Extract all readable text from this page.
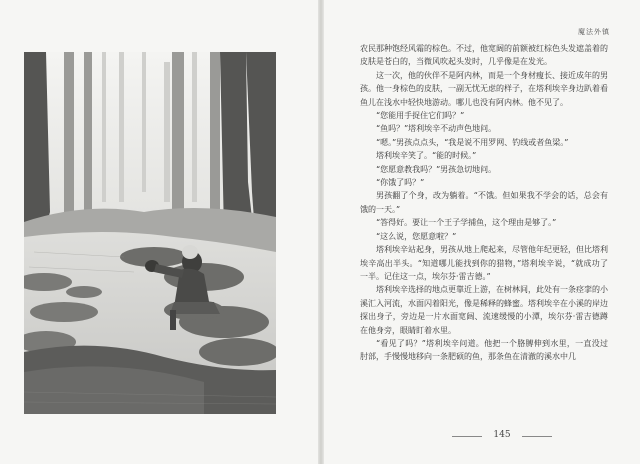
魔法外镇

农民那种饱经风霜的棕色。不过，他宽阔的前额被红棕色头发遮盖着的皮肤是苍白的，当微风吹起头发时，几乎像是在发光。

这一次，他的伙伴不是阿内林，而是一个身材瘦长、接近成年的男孩。他一身棕色的皮肤，一副无忧无虑的样子，在塔利埃辛身边趴着看鱼儿在浅水中轻快地游动。哪儿也没有阿内林。他不见了。

“您能用手捉住它们吗？”

“鱼吗？”塔利埃辛不动声色地问。

“嗯。”男孩点点头，“我是说不用罗网、钓线或者鱼梁。”

塔利埃辛笑了。“能的时候。”

“您愿意教我吗？”男孩急切地问。

“你饿了吗？”

男孩翻了个身，改为躺着。“不饿。但如果我不学会的话，总会有饿的一天。”

“答得好。要让一个王子学捕鱼，这个理由是够了。”

“这么说，您愿意啦？”

塔利埃辛站起身，男孩从地上爬起来，尽管他年纪更轻，但比塔利埃辛高出半头。“知道哪儿能找到你的猎物，”塔利埃辛说，“就成功了一半。记住这一点，埃尔芬·雷吉德。”

塔利埃辛选择的地点更靠近上游，在树林间，此处有一条痉挛的小溪汇入河流，水面闪着阳光，像是稀释的蜂蜜。塔利埃辛在小溪的岸边探出身子，旁边是一片水面宽阔、流速缓慢的小潭，埃尔芬·雷吉德蹲在他身旁，眼睛盯着水里。

“看见了吗？”塔利埃辛问道。他把一个胳膊伸到水里，一直没过肘部，手慢慢地移向一条肥硕的鱼，那条鱼在清澈的溪水中几

145
